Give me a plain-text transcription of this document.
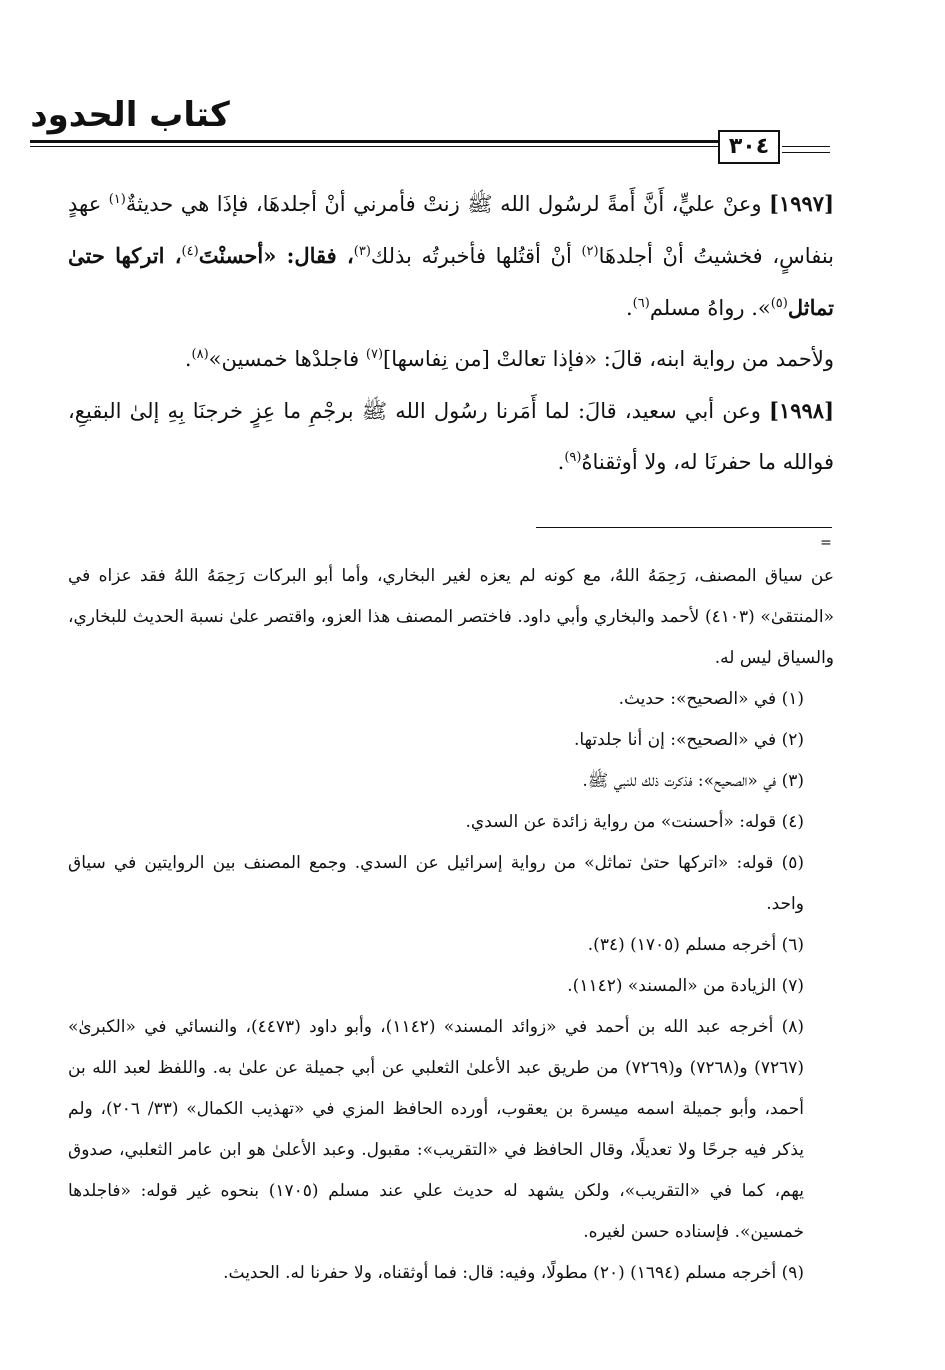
كتاب الحدود
٣٠٤

[١٩٩٧] وعنْ عليٍّ، أَنَّ أَمةً لرسُول الله ﷺ زنتْ فأمرني أنْ أجلدهَا، فإذَا هي حديثةٌ$^{(١)}$ عهدٍ بنفاسٍ، فخشيتُ أنْ أجلدهَا$^{(٢)}$ أنْ أقتُلها فأخبرتُه بذلك$^{(٣)}$، فقال: «أحسنْتَ$^{(٤)}$، اتركها حتىٰ تماثل$^{(٥)}$». رواهُ مسلم$^{(٦)}$.

ولأحمد من رواية ابنه، قالَ: «فإذا تعالتْ [من نِفاسها]$^{(٧)}$ فاجلدْها خمسين»$^{(٨)}$.

[١٩٩٨] وعن أبي سعيد، قالَ: لما أَمَرنا رسُول الله ﷺ برجْمِ ما عِزٍ خرجنَا بِهِ إلىٰ البقيعِ، فوالله ما حفرنَا له، ولا أوثقناهُ$^{(٩)}$.

=

عن سياق المصنف، رَحِمَهُ اللهُ، مع كونه لم يعزه لغير البخاري، وأما أبو البركات رَحِمَهُ اللهُ فقد عزاه في «المنتقىٰ» (٤١٠٣) لأحمد والبخاري وأبي داود. فاختصر المصنف هذا العزو، واقتصر علىٰ نسبة الحديث للبخاري، والسياق ليس له.

(١) في «الصحيح»: حديث.

(٢) في «الصحيح»: إن أنا جلدتها.

(٣) في «الصحيح»: فذكرت ذلك للنبي ﷺ.

(٤) قوله: «أحسنت» من رواية زائدة عن السدي.

(٥) قوله: «اتركها حتىٰ تماثل» من رواية إسرائيل عن السدي. وجمع المصنف بين الروايتين في سياق واحد.

(٦) أخرجه مسلم (١٧٠٥) (٣٤).

(٧) الزيادة من «المسند» (١١٤٢).

(٨) أخرجه عبد الله بن أحمد في «زوائد المسند» (١١٤٢)، وأبو داود (٤٤٧٣)، والنسائي في «الكبرىٰ» (٧٢٦٧) و(٧٢٦٨) و(٧٢٦٩) من طريق عبد الأعلىٰ الثعلبي عن أبي جميلة عن علىٰ به. واللفظ لعبد الله بن أحمد، وأبو جميلة اسمه ميسرة بن يعقوب، أورده الحافظ المزي في «تهذيب الكمال» (٣٣/ ٢٠٦)، ولم يذكر فيه جرحًا ولا تعديلًا، وقال الحافظ في «التقريب»: مقبول. وعبد الأعلىٰ هو ابن عامر الثعلبي، صدوق يهم، كما في «التقريب»، ولكن يشهد له حديث علي عند مسلم (١٧٠٥) بنحوه غير قوله: «فاجلدها خمسين». فإسناده حسن لغيره.

(٩) أخرجه مسلم (١٦٩٤) (٢٠) مطولًا، وفيه: قال: فما أوثقناه، ولا حفرنا له. الحديث.
